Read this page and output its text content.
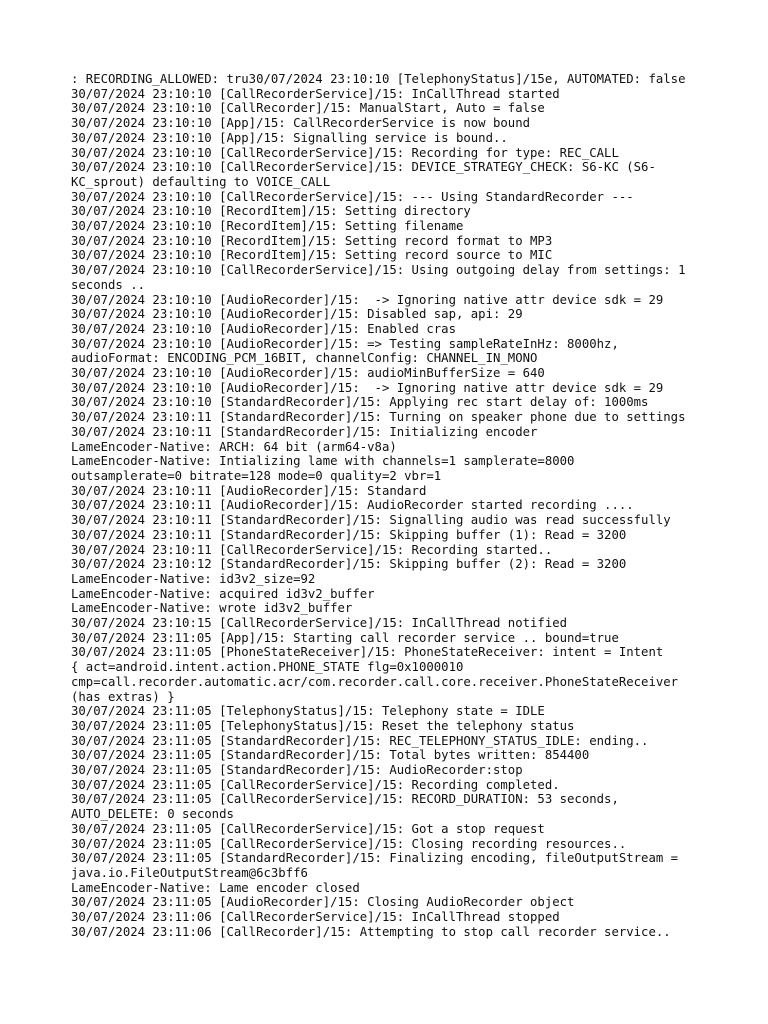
: RECORDING_ALLOWED: tru30/07/2024 23:10:10 [TelephonyStatus]/15e, AUTOMATED: false
30/07/2024 23:10:10 [CallRecorderService]/15: InCallThread started
30/07/2024 23:10:10 [CallRecorder]/15: ManualStart, Auto = false
30/07/2024 23:10:10 [App]/15: CallRecorderService is now bound
30/07/2024 23:10:10 [App]/15: Signalling service is bound..
30/07/2024 23:10:10 [CallRecorderService]/15: Recording for type: REC_CALL
30/07/2024 23:10:10 [CallRecorderService]/15: DEVICE_STRATEGY_CHECK: S6-KC (S6-
KC_sprout) defaulting to VOICE_CALL
30/07/2024 23:10:10 [CallRecorderService]/15: --- Using StandardRecorder ---
30/07/2024 23:10:10 [RecordItem]/15: Setting directory
30/07/2024 23:10:10 [RecordItem]/15: Setting filename
30/07/2024 23:10:10 [RecordItem]/15: Setting record format to MP3
30/07/2024 23:10:10 [RecordItem]/15: Setting record source to MIC
30/07/2024 23:10:10 [CallRecorderService]/15: Using outgoing delay from settings: 1
seconds ..
30/07/2024 23:10:10 [AudioRecorder]/15:  -> Ignoring native attr device sdk = 29
30/07/2024 23:10:10 [AudioRecorder]/15: Disabled sap, api: 29
30/07/2024 23:10:10 [AudioRecorder]/15: Enabled cras
30/07/2024 23:10:10 [AudioRecorder]/15: => Testing sampleRateInHz: 8000hz,
audioFormat: ENCODING_PCM_16BIT, channelConfig: CHANNEL_IN_MONO
30/07/2024 23:10:10 [AudioRecorder]/15: audioMinBufferSize = 640
30/07/2024 23:10:10 [AudioRecorder]/15:  -> Ignoring native attr device sdk = 29
30/07/2024 23:10:10 [StandardRecorder]/15: Applying rec start delay of: 1000ms
30/07/2024 23:10:11 [StandardRecorder]/15: Turning on speaker phone due to settings
30/07/2024 23:10:11 [StandardRecorder]/15: Initializing encoder
LameEncoder-Native: ARCH: 64 bit (arm64-v8a)
LameEncoder-Native: Intializing lame with channels=1 samplerate=8000
outsamplerate=0 bitrate=128 mode=0 quality=2 vbr=1
30/07/2024 23:10:11 [AudioRecorder]/15: Standard
30/07/2024 23:10:11 [AudioRecorder]/15: AudioRecorder started recording ....
30/07/2024 23:10:11 [StandardRecorder]/15: Signalling audio was read successfully
30/07/2024 23:10:11 [StandardRecorder]/15: Skipping buffer (1): Read = 3200
30/07/2024 23:10:11 [CallRecorderService]/15: Recording started..
30/07/2024 23:10:12 [StandardRecorder]/15: Skipping buffer (2): Read = 3200
LameEncoder-Native: id3v2_size=92
LameEncoder-Native: acquired id3v2_buffer
LameEncoder-Native: wrote id3v2_buffer
30/07/2024 23:10:15 [CallRecorderService]/15: InCallThread notified
30/07/2024 23:11:05 [App]/15: Starting call recorder service .. bound=true
30/07/2024 23:11:05 [PhoneStateReceiver]/15: PhoneStateReceiver: intent = Intent
{ act=android.intent.action.PHONE_STATE flg=0x1000010
cmp=call.recorder.automatic.acr/com.recorder.call.core.receiver.PhoneStateReceiver
(has extras) }
30/07/2024 23:11:05 [TelephonyStatus]/15: Telephony state = IDLE
30/07/2024 23:11:05 [TelephonyStatus]/15: Reset the telephony status
30/07/2024 23:11:05 [StandardRecorder]/15: REC_TELEPHONY_STATUS_IDLE: ending..
30/07/2024 23:11:05 [StandardRecorder]/15: Total bytes written: 854400
30/07/2024 23:11:05 [StandardRecorder]/15: AudioRecorder:stop
30/07/2024 23:11:05 [CallRecorderService]/15: Recording completed.
30/07/2024 23:11:05 [CallRecorderService]/15: RECORD_DURATION: 53 seconds,
AUTO_DELETE: 0 seconds
30/07/2024 23:11:05 [CallRecorderService]/15: Got a stop request
30/07/2024 23:11:05 [CallRecorderService]/15: Closing recording resources..
30/07/2024 23:11:05 [StandardRecorder]/15: Finalizing encoding, fileOutputStream =
java.io.FileOutputStream@6c3bff6
LameEncoder-Native: Lame encoder closed
30/07/2024 23:11:05 [AudioRecorder]/15: Closing AudioRecorder object
30/07/2024 23:11:06 [CallRecorderService]/15: InCallThread stopped
30/07/2024 23:11:06 [CallRecorder]/15: Attempting to stop call recorder service..
